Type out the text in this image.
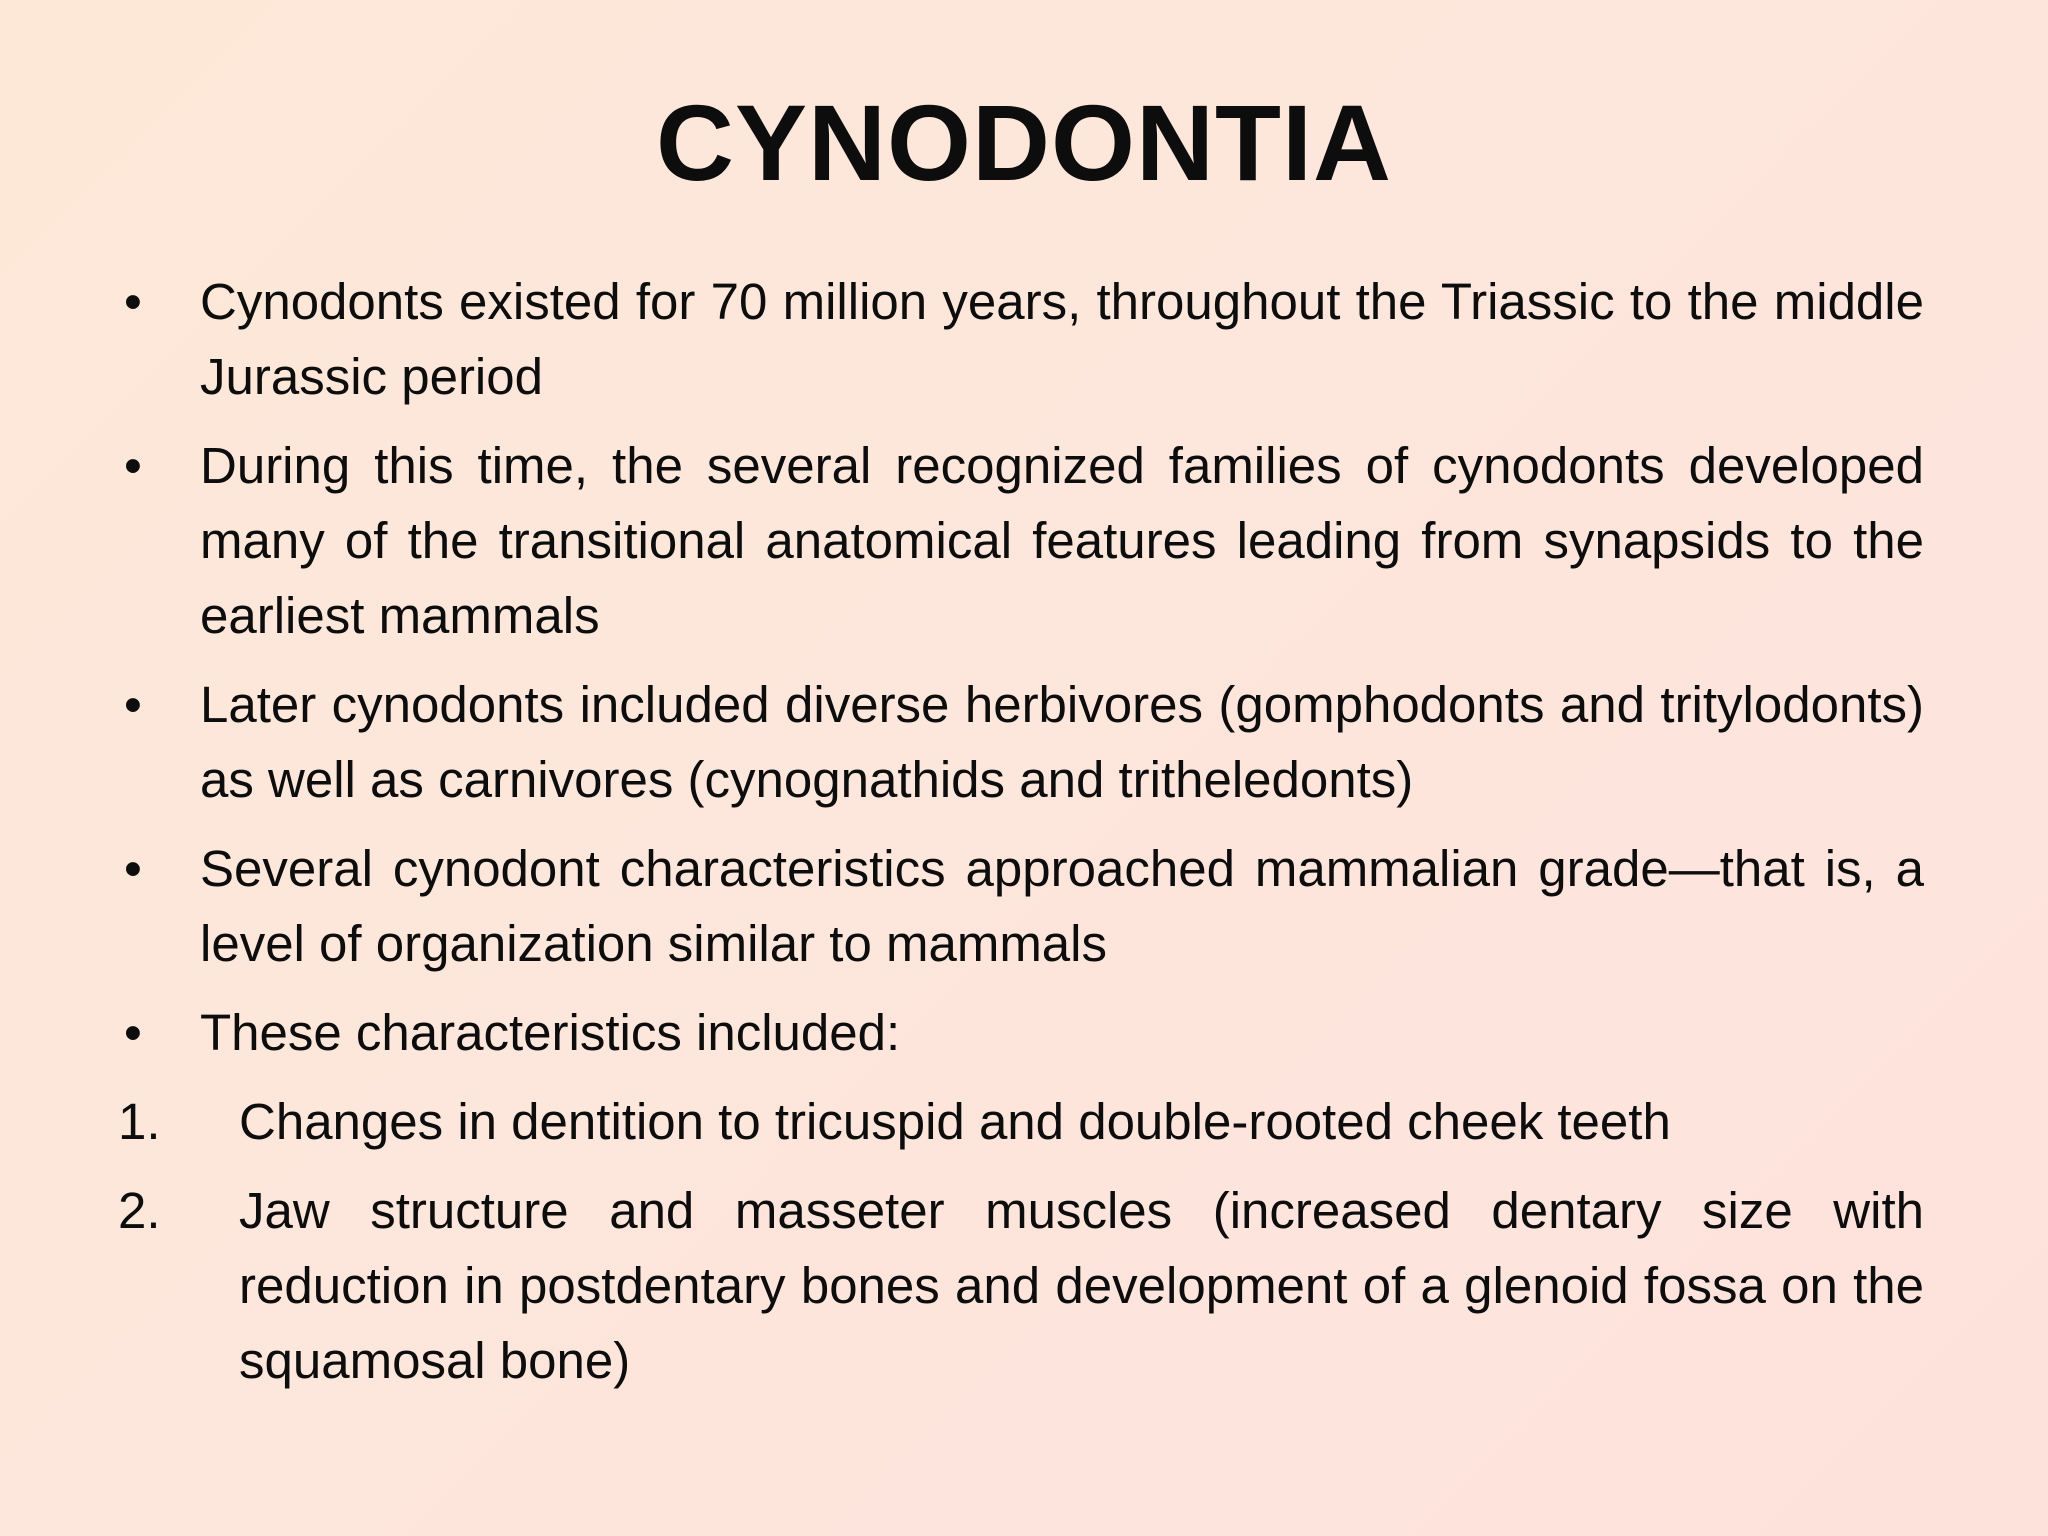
CYNODONTIA
• Cynodonts existed for 70 million years, throughout the Triassic to the middle Jurassic period
• During this time, the several recognized families of cynodonts developed many of the transitional anatomical features leading from synapsids to the earliest mammals
• Later cynodonts included diverse herbivores (gomphodonts and tritylodonts) as well as carnivores (cynognathids and tritheledonts)
• Several cynodont characteristics approached mammalian grade—that is, a level of organization similar to mammals
• These characteristics included:
1. Changes in dentition to tricuspid and double-rooted cheek teeth
2. Jaw structure and masseter muscles (increased dentary size with reduction in postdentary bones and development of a glenoid fossa on the squamosal bone)
